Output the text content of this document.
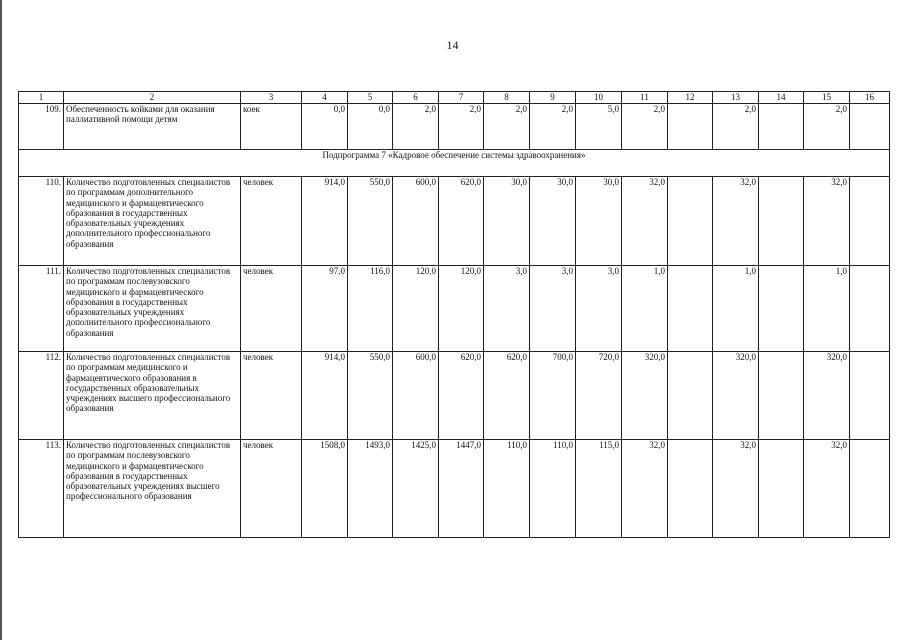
14
1	2	3	4	5	6	7	8	9	10	11	12	13	14	15	16
109.	Обеспеченность койками для оказания паллиативной помощи детям	коек	0,0	0,0	2,0	2,0	2,0	2,0	5,0	2,0		2,0		2,0	
Подпрограмма 7 «Кадровое обеспечение системы здравоохранения»															
110.	Количество подготовленных специалистов по программам дополнительного медицинского и фармацевтического образования в государственных образовательных учреждениях дополнительного профессионального образования	человек	914,0	550,0	600,0	620,0	30,0	30,0	30,0	32,0		32,0		32,0	
111.	Количество подготовленных специалистов по программам послевузовского медицинского и фармацевтического образования в государственных образовательных учреждениях дополнительного профессионального образования	человек	97,0	116,0	120,0	120,0	3,0	3,0	3,0	1,0		1,0		1,0	
112.	Количество подготовленных специалистов по программам медицинского и фармацевтического образования в государственных образовательных учреждениях высшего профессионального образования	человек	914,0	550,0	600,0	620,0	620,0	700,0	720,0	320,0		320,0		320,0	
113.	Количество подготовленных специалистов по программам послевузовского медицинского и фармацевтического образования в государственных образовательных учреждениях высшего профессионального образования	человек	1508,0	1493,0	1425,0	1447,0	110,0	110,0	115,0	32,0		32,0		32,0	
